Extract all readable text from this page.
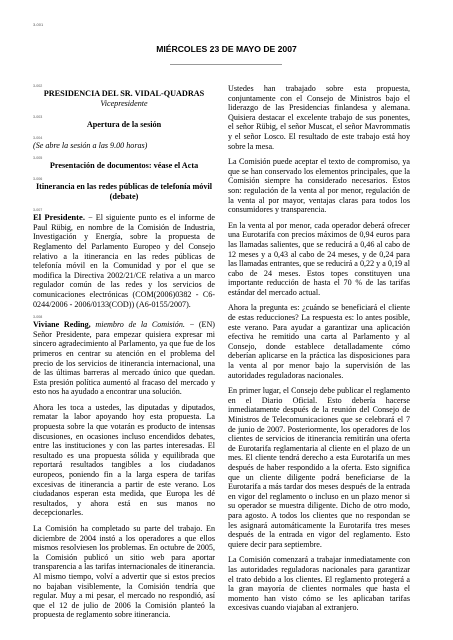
3-001
MIÉRCOLES 23 DE MAYO DE 2007
3-002
PRESIDENCIA DEL SR. VIDAL-QUADRAS
Vicepresidente
3-003
Apertura de la sesión
3-004
(Se abre la sesión a las 9.00 horas)
3-005
Presentación de documentos: véase el Acta
3-006
Itinerancia en las redes públicas de telefonía móvil (debate)
3-007

El Presidente. − El siguiente punto es el informe de Paul Rübig, en nombre de la Comisión de Industria, Investigación y Energía, sobre la propuesta de Reglamento del Parlamento Europeo y del Consejo relativo a la itinerancia en las redes públicas de telefonía móvil en la Comunidad y por el que se modifica la Directiva 2002/21/CE relativa a un marco regulador común de las redes y los servicios de comunicaciones electrónicas (COM(2006)0382 - C6-0244/2006 - 2006/0133(COD)) (A6-0155/2007).

3-008

Viviane Reding, miembro de la Comisión. − (EN) Señor Presidente, para empezar quisiera expresar mi sincero agradecimiento al Parlamento, ya que fue de los primeros en centrar su atención en el problema del precio de los servicios de itinerancia internacional, una de las últimas barreras al mercado único que quedan. Esta presión política aumentó al fracaso del mercado y esto nos ha ayudado a encontrar una solución.

Ahora les toca a ustedes, las diputadas y diputados, rematar la labor apoyando hoy esta propuesta. La propuesta sobre la que votarán es producto de intensas discusiones, en ocasiones incluso encendidos debates, entre las instituciones y con las partes interesadas. El resultado es una propuesta sólida y equilibrada que reportará resultados tangibles a los ciudadanos europeos, poniendo fin a la larga espera de tarifas excesivas de itinerancia a partir de este verano. Los ciudadanos esperan esta medida, que Europa les dé resultados, y ahora está en sus manos no decepcionarles.

La Comisión ha completado su parte del trabajo. En diciembre de 2004 instó a los operadores a que ellos mismos resolviesen los problemas. En octubre de 2005, la Comisión publicó un sitio web para aportar transparencia a las tarifas internacionales de itinerancia. Al mismo tiempo, volví a advertir que si estos precios no bajaban visiblemente, la Comisión tendría que regular. Muy a mi pesar, el mercado no respondió, así que el 12 de julio de 2006 la Comisión planteó la propuesta de reglamento sobre itinerancia.

Ustedes han trabajado sobre esta propuesta, conjuntamente con el Consejo de Ministros bajo el liderazgo de las Presidencias finlandesa y alemana. Quisiera destacar el excelente trabajo de sus ponentes, el señor Rübig, el señor Muscat, el señor Mavrommatis y el señor Losco. El resultado de este trabajo está hoy sobre la mesa.

La Comisión puede aceptar el texto de compromiso, ya que se han conservado los elementos principales, que la Comisión siempre ha considerado necesarios. Estos son: regulación de la venta al por menor, regulación de la venta al por mayor, ventajas claras para todos los consumidores y transparencia.

En la venta al por menor, cada operador deberá ofrecer una Eurotarifa con precios máximos de 0,94 euros para las llamadas salientes, que se reducirá a 0,46 al cabo de 12 meses y a 0,43 al cabo de 24 meses, y de 0,24 para las llamadas entrantes, que se reducirá a 0,22 y a 0,19 al cabo de 24 meses. Estos topes constituyen una importante reducción de hasta el 70 % de las tarifas estándar del mercado actual.

Ahora la pregunta es: ¿cuándo se beneficiará el cliente de estas reducciones? La respuesta es: lo antes posible, este verano. Para ayudar a garantizar una aplicación efectiva he remitido una carta al Parlamento y al Consejo, donde establece detalladamente cómo deberían aplicarse en la práctica las disposiciones para la venta al por menor bajo la supervisión de las autoridades reguladoras nacionales.

En primer lugar, el Consejo debe publicar el reglamento en el Diario Oficial. Esto debería hacerse inmediatamente después de la reunión del Consejo de Ministros de Telecomunicaciones que se celebrará el 7 de junio de 2007. Posteriormente, los operadores de los clientes de servicios de itinerancia remitirán una oferta de Eurotarifa reglamentaria al cliente en el plazo de un mes. El cliente tendrá derecho a esta Eurotarifa un mes después de haber respondido a la oferta. Esto significa que un cliente diligente podrá beneficiarse de la Eurotarifa a más tardar dos meses después de la entrada en vigor del reglamento o incluso en un plazo menor si su operador se muestra diligente. Dicho de otro modo, para agosto. A todos los clientes que no respondan se les asignará automáticamente la Eurotarifa tres meses después de la entrada en vigor del reglamento. Esto quiere decir para septiembre.

La Comisión comenzará a trabajar inmediatamente con las autoridades reguladoras nacionales para garantizar el trato debido a los clientes. El reglamento protegerá a la gran mayoría de clientes normales que hasta el momento han visto cómo se les aplicaban tarifas excesivas cuando viajaban al extranjero.
